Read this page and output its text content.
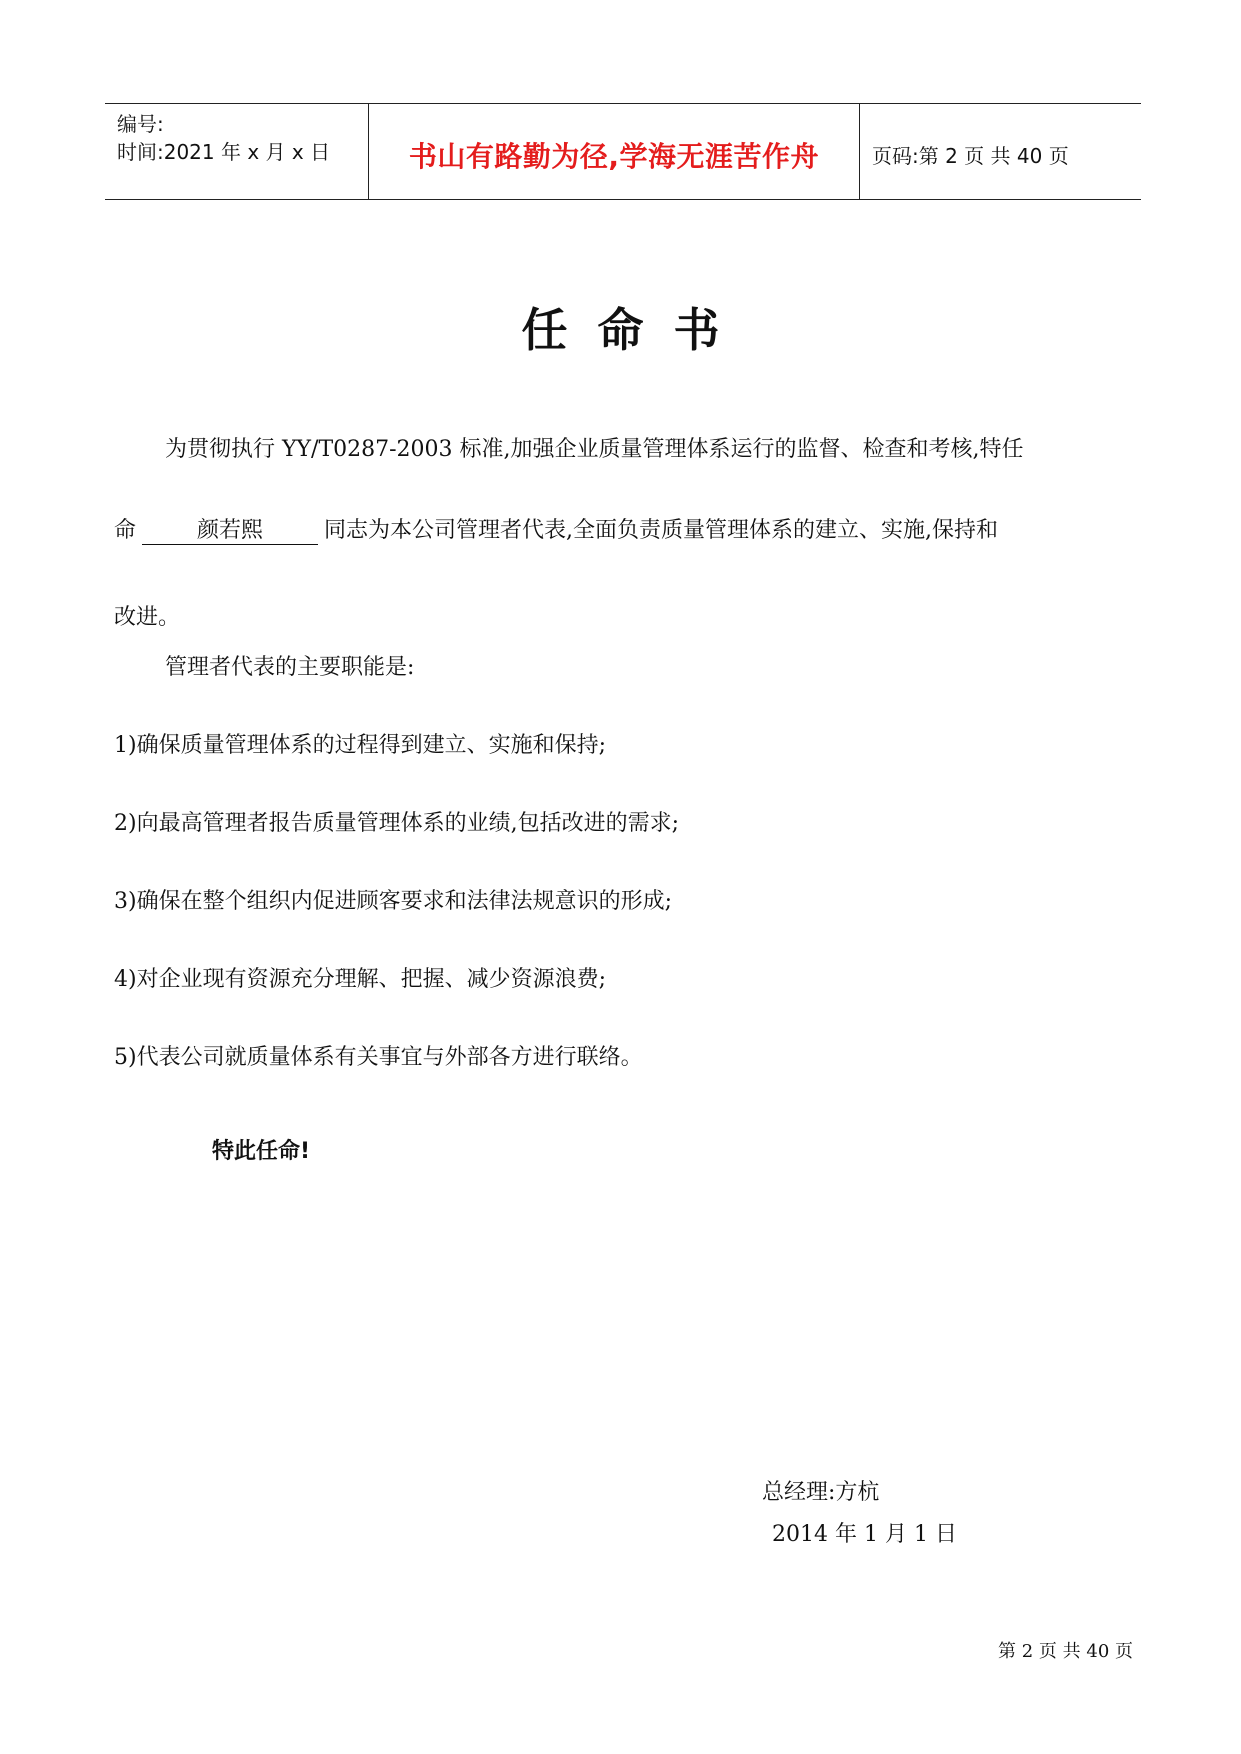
编号:
时间:2021 年 x 月 x 日	书山有路勤为径,学海无涯苦作舟	页码:第 2 页 共 40 页
任命书
为贯彻执行 YY/T0287-2003 标准,加强企业质量管理体系运行的监督、检查和考核,特任
命	颜若熙	同志为本公司管理者代表,全面负责质量管理体系的建立、实施,保持和
改进。
管理者代表的主要职能是:
1)确保质量管理体系的过程得到建立、实施和保持;
2)向最高管理者报告质量管理体系的业绩,包括改进的需求;
3)确保在整个组织内促进顾客要求和法律法规意识的形成;
4)对企业现有资源充分理解、把握、减少资源浪费;
5)代表公司就质量体系有关事宜与外部各方进行联络。
特此任命!
总经理:方杭
2014 年 1 月 1 日
第 2 页 共 40 页
